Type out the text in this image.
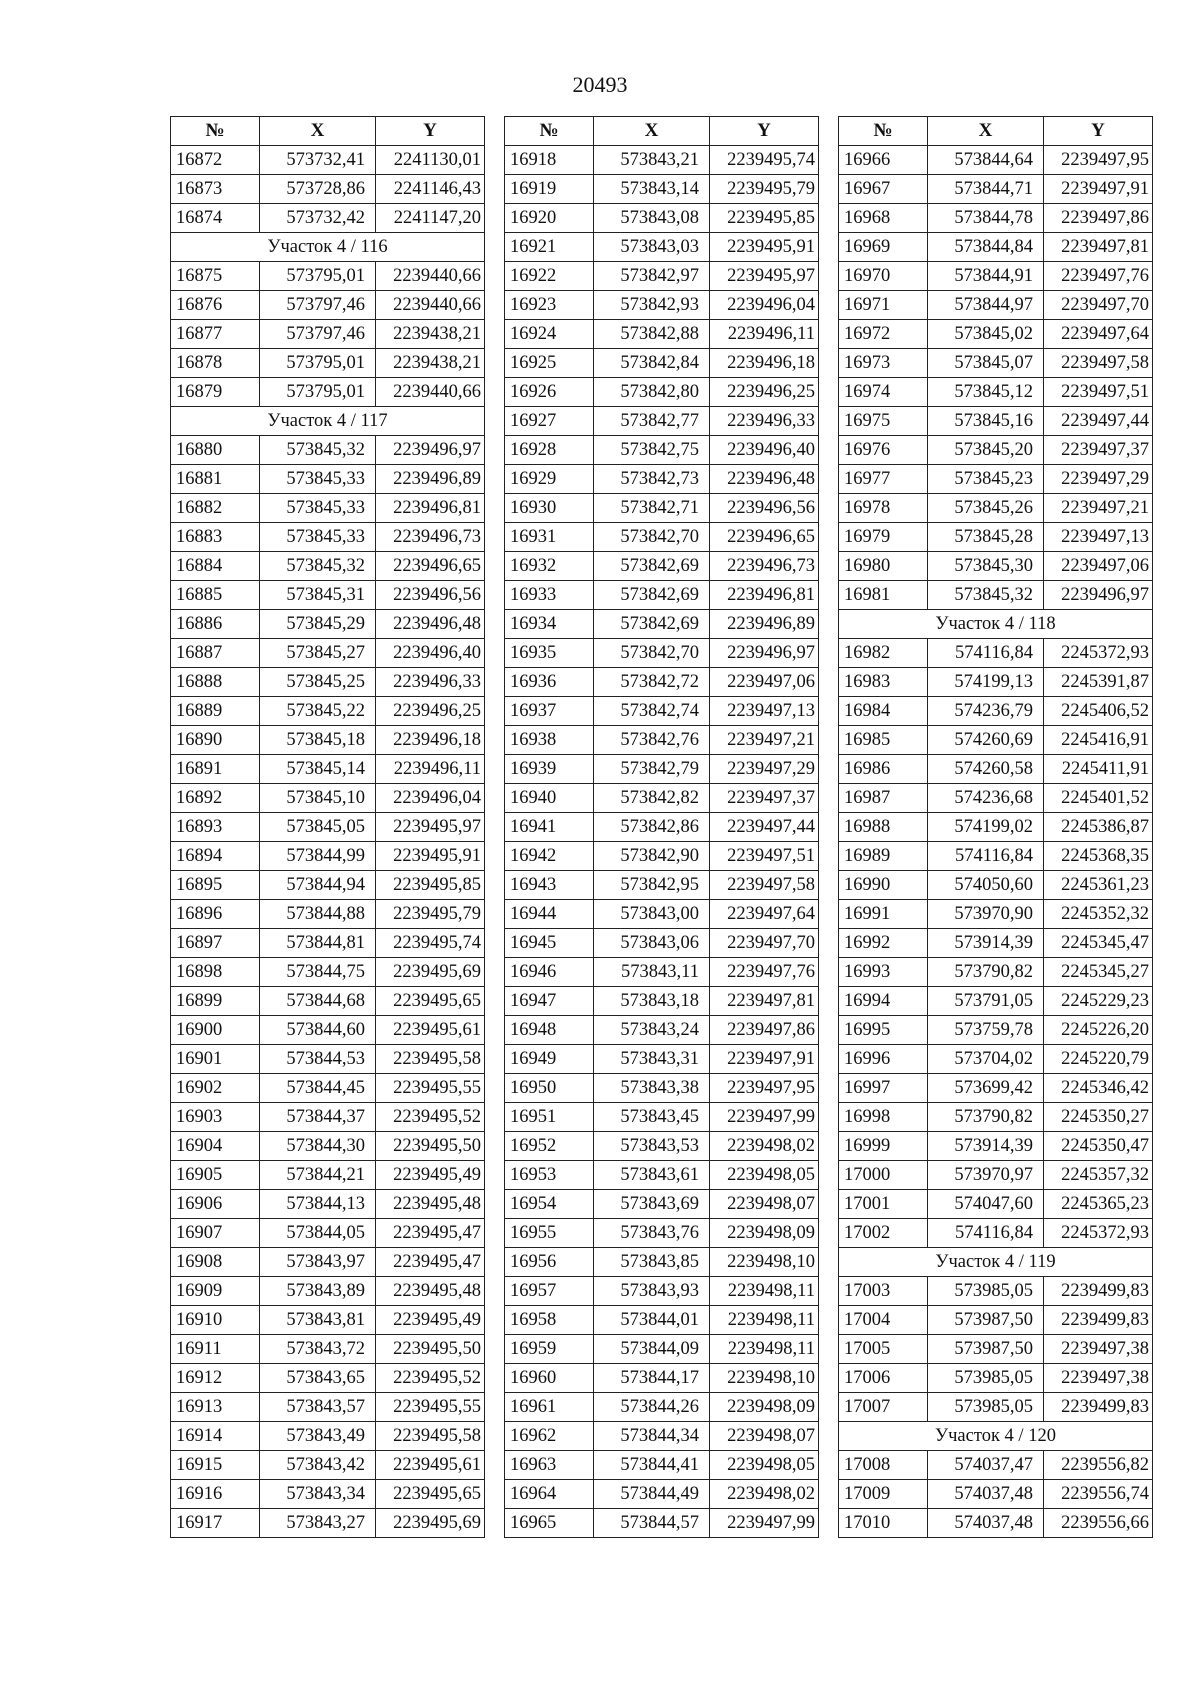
20493
№	X	Y
16872	573732,41	2241130,01
16873	573728,86	2241146,43
16874	573732,42	2241147,20
Участок 4 / 116		
16875	573795,01	2239440,66
16876	573797,46	2239440,66
16877	573797,46	2239438,21
16878	573795,01	2239438,21
16879	573795,01	2239440,66
Участок 4 / 117		
16880	573845,32	2239496,97
16881	573845,33	2239496,89
16882	573845,33	2239496,81
16883	573845,33	2239496,73
16884	573845,32	2239496,65
16885	573845,31	2239496,56
16886	573845,29	2239496,48
16887	573845,27	2239496,40
16888	573845,25	2239496,33
16889	573845,22	2239496,25
16890	573845,18	2239496,18
16891	573845,14	2239496,11
16892	573845,10	2239496,04
16893	573845,05	2239495,97
16894	573844,99	2239495,91
16895	573844,94	2239495,85
16896	573844,88	2239495,79
16897	573844,81	2239495,74
16898	573844,75	2239495,69
16899	573844,68	2239495,65
16900	573844,60	2239495,61
16901	573844,53	2239495,58
16902	573844,45	2239495,55
16903	573844,37	2239495,52
16904	573844,30	2239495,50
16905	573844,21	2239495,49
16906	573844,13	2239495,48
16907	573844,05	2239495,47
16908	573843,97	2239495,47
16909	573843,89	2239495,48
16910	573843,81	2239495,49
16911	573843,72	2239495,50
16912	573843,65	2239495,52
16913	573843,57	2239495,55
16914	573843,49	2239495,58
16915	573843,42	2239495,61
16916	573843,34	2239495,65
16917	573843,27	2239495,69
№	X	Y
16918	573843,21	2239495,74
16919	573843,14	2239495,79
16920	573843,08	2239495,85
16921	573843,03	2239495,91
16922	573842,97	2239495,97
16923	573842,93	2239496,04
16924	573842,88	2239496,11
16925	573842,84	2239496,18
16926	573842,80	2239496,25
16927	573842,77	2239496,33
16928	573842,75	2239496,40
16929	573842,73	2239496,48
16930	573842,71	2239496,56
16931	573842,70	2239496,65
16932	573842,69	2239496,73
16933	573842,69	2239496,81
16934	573842,69	2239496,89
16935	573842,70	2239496,97
16936	573842,72	2239497,06
16937	573842,74	2239497,13
16938	573842,76	2239497,21
16939	573842,79	2239497,29
16940	573842,82	2239497,37
16941	573842,86	2239497,44
16942	573842,90	2239497,51
16943	573842,95	2239497,58
16944	573843,00	2239497,64
16945	573843,06	2239497,70
16946	573843,11	2239497,76
16947	573843,18	2239497,81
16948	573843,24	2239497,86
16949	573843,31	2239497,91
16950	573843,38	2239497,95
16951	573843,45	2239497,99
16952	573843,53	2239498,02
16953	573843,61	2239498,05
16954	573843,69	2239498,07
16955	573843,76	2239498,09
16956	573843,85	2239498,10
16957	573843,93	2239498,11
16958	573844,01	2239498,11
16959	573844,09	2239498,11
16960	573844,17	2239498,10
16961	573844,26	2239498,09
16962	573844,34	2239498,07
16963	573844,41	2239498,05
16964	573844,49	2239498,02
16965	573844,57	2239497,99
№	X	Y
16966	573844,64	2239497,95
16967	573844,71	2239497,91
16968	573844,78	2239497,86
16969	573844,84	2239497,81
16970	573844,91	2239497,76
16971	573844,97	2239497,70
16972	573845,02	2239497,64
16973	573845,07	2239497,58
16974	573845,12	2239497,51
16975	573845,16	2239497,44
16976	573845,20	2239497,37
16977	573845,23	2239497,29
16978	573845,26	2239497,21
16979	573845,28	2239497,13
16980	573845,30	2239497,06
16981	573845,32	2239496,97
Участок 4 / 118		
16982	574116,84	2245372,93
16983	574199,13	2245391,87
16984	574236,79	2245406,52
16985	574260,69	2245416,91
16986	574260,58	2245411,91
16987	574236,68	2245401,52
16988	574199,02	2245386,87
16989	574116,84	2245368,35
16990	574050,60	2245361,23
16991	573970,90	2245352,32
16992	573914,39	2245345,47
16993	573790,82	2245345,27
16994	573791,05	2245229,23
16995	573759,78	2245226,20
16996	573704,02	2245220,79
16997	573699,42	2245346,42
16998	573790,82	2245350,27
16999	573914,39	2245350,47
17000	573970,97	2245357,32
17001	574047,60	2245365,23
17002	574116,84	2245372,93
Участок 4 / 119		
17003	573985,05	2239499,83
17004	573987,50	2239499,83
17005	573987,50	2239497,38
17006	573985,05	2239497,38
17007	573985,05	2239499,83
Участок 4 / 120		
17008	574037,47	2239556,82
17009	574037,48	2239556,74
17010	574037,48	2239556,66
